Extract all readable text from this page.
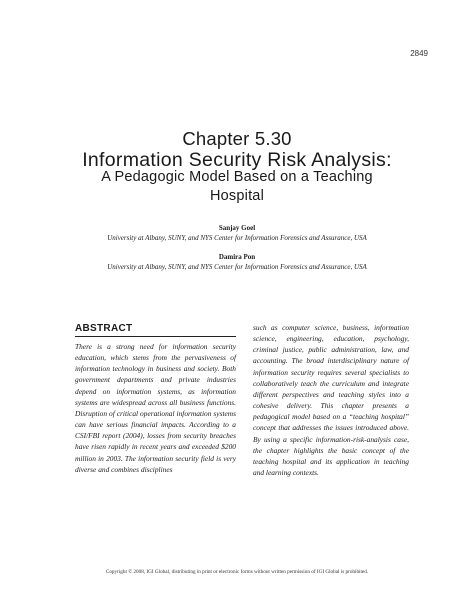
2849
Chapter 5.30
Information Security Risk Analysis:
A Pedagogic Model Based on a Teaching Hospital
Sanjay Goel
University at Albany, SUNY, and NYS Center for Information Forensics and Assurance, USA
Damira Pon
University at Albany, SUNY, and NYS Center for Information Forensics and Assurance, USA
ABSTRACT

There is a strong need for information security education, which stems from the pervasiveness of information technology in business and society. Both government departments and private industries depend on information systems, as information systems are widespread across all business functions. Disruption of critical operational information systems can have serious financial impacts. According to a CSI/FBI report (2004), losses from security breaches have risen rapidly in recent years and exceeded $200 million in 2003. The information security field is very diverse and combines disciplines

such as computer science, business, information science, engineering, education, psychology, criminal justice, public administration, law, and accounting. The broad interdisciplinary nature of information security requires several specialists to collaboratively teach the curriculum and integrate different perspectives and teaching styles into a cohesive delivery. This chapter presents a pedagogical model based on a “teaching hospital” concept that addresses the issues introduced above. By using a specific information-risk-analysis case, the chapter highlights the basic concept of the teaching hospital and its application in teaching and learning contexts.

Copyright © 2008, IGI Global, distributing in print or electronic forms without written permission of IGI Global is prohibited.
